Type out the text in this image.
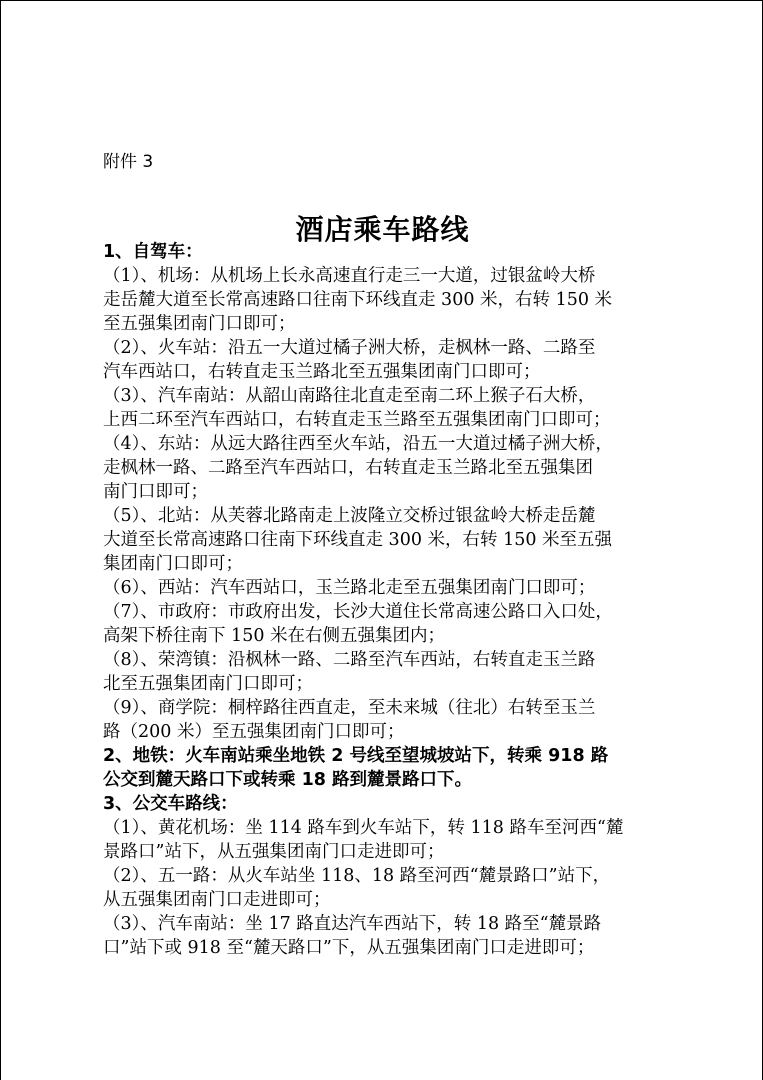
附件 3
酒店乘车路线
1、自驾车：
（1）、机场：从机场上长永高速直行走三一大道，过银盆岭大桥
走岳麓大道至长常高速路口往南下环线直走 300 米，右转 150 米
至五强集团南门口即可；
（2）、火车站：沿五一大道过橘子洲大桥，走枫林一路、二路至
汽车西站口，右转直走玉兰路北至五强集团南门口即可；
（3）、汽车南站：从韶山南路往北直走至南二环上猴子石大桥，
上西二环至汽车西站口，右转直走玉兰路至五强集团南门口即可；
（4）、东站：从远大路往西至火车站，沿五一大道过橘子洲大桥，
走枫林一路、二路至汽车西站口，右转直走玉兰路北至五强集团
南门口即可；
（5）、北站：从芙蓉北路南走上波隆立交桥过银盆岭大桥走岳麓
大道至长常高速路口往南下环线直走 300 米，右转 150 米至五强
集团南门口即可；
（6）、西站：汽车西站口，玉兰路北走至五强集团南门口即可；
（7）、市政府：市政府出发，长沙大道住长常高速公路口入口处，
高架下桥往南下 150 米在右侧五强集团内；
（8）、荣湾镇：沿枫林一路、二路至汽车西站，右转直走玉兰路
北至五强集团南门口即可；
（9）、商学院：桐梓路往西直走，至未来城（往北）右转至玉兰
路（200 米）至五强集团南门口即可；
2、地铁：火车南站乘坐地铁 2 号线至望城坡站下，转乘 918 路
公交到麓天路口下或转乘 18 路到麓景路口下。
3、公交车路线：
（1）、黄花机场：坐 114 路车到火车站下，转 118 路车至河西“麓
景路口”站下，从五强集团南门口走进即可；
（2）、五一路：从火车站坐 118、18 路至河西“麓景路口”站下，
从五强集团南门口走进即可；
（3）、汽车南站：坐 17 路直达汽车西站下，转 18 路至“麓景路
口”站下或 918 至“麓天路口”下，从五强集团南门口走进即可；
